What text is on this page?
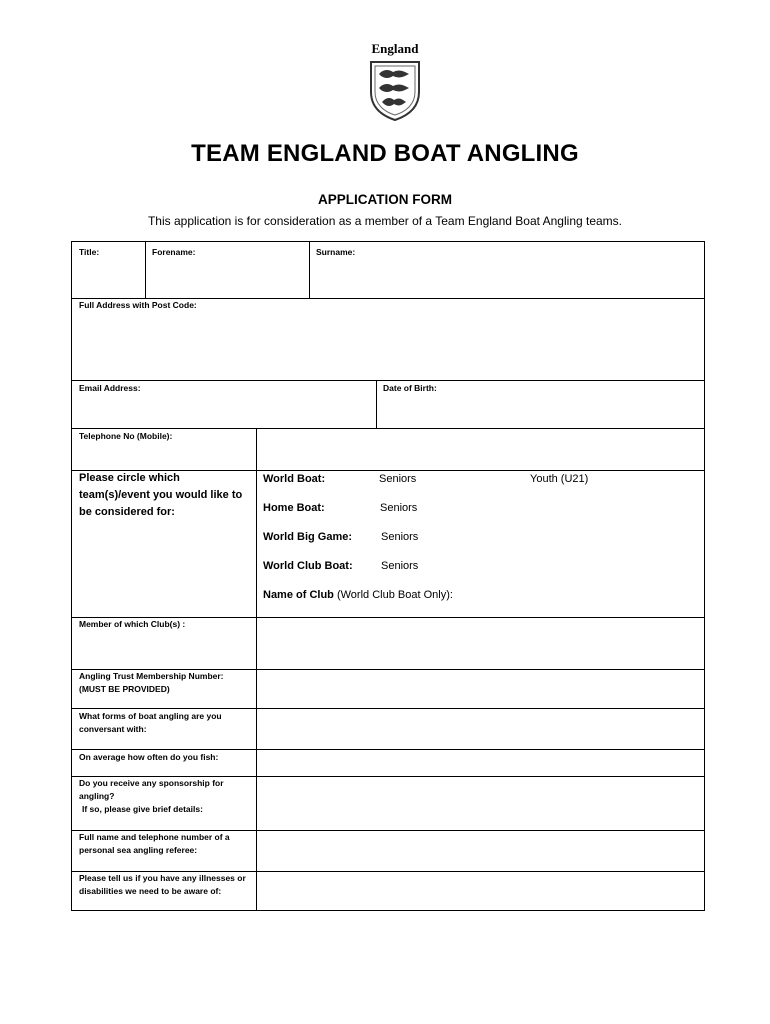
England
TEAM ENGLAND BOAT ANGLING
APPLICATION FORM
This application is for consideration as a member of a Team England Boat Angling teams.
Title:	Forename:	Surname:
Full Address with Post Code:
Email Address:	Date of Birth:
Telephone No (Mobile):
Please circle which team(s)/event you would like to be considered for:
World Boat:	Seniors	Youth (U21)
Home Boat:	Seniors
World Big Game:	Seniors
World Club Boat:	Seniors
Name of Club (World Club Boat Only):
Member of which Club(s) :
Angling Trust Membership Number:
(MUST BE PROVIDED)
What forms of boat angling are you conversant with:
On average how often do you fish:
Do you receive any sponsorship for angling?
If so, please give brief details:
Full name and telephone number of a personal sea angling referee:
Please tell us if you have any illnesses or disabilities we need to be aware of:
